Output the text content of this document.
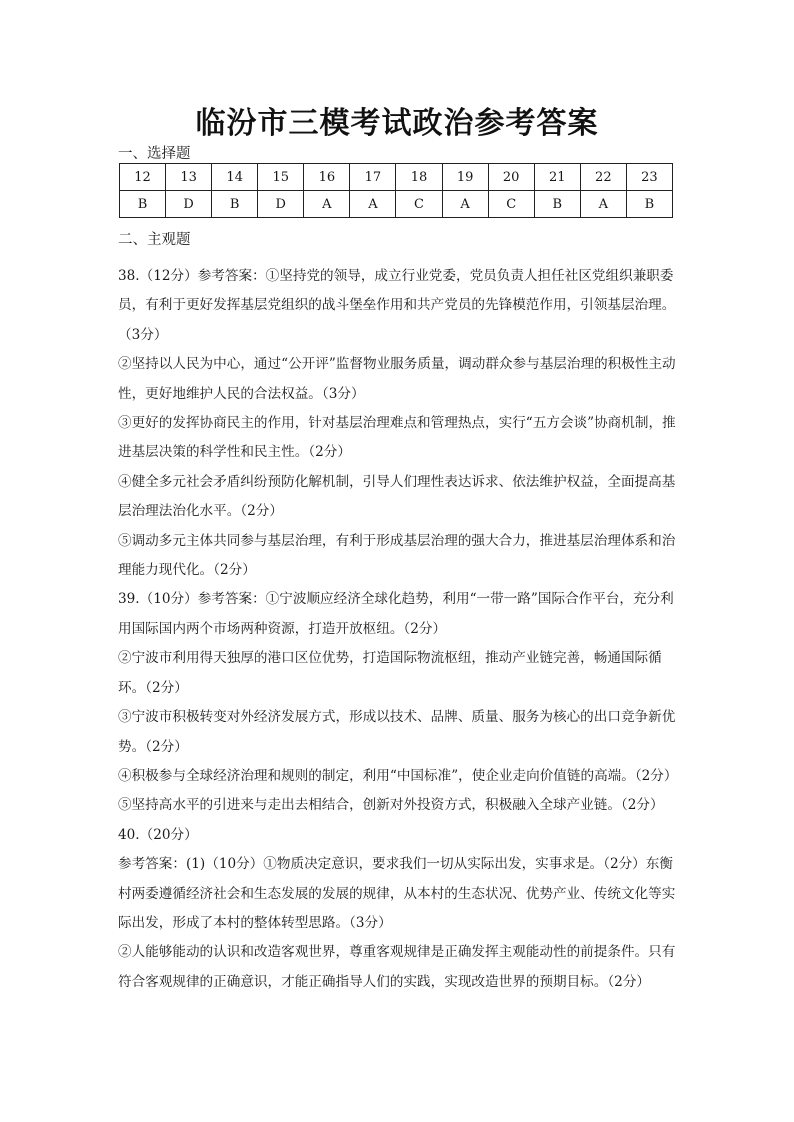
临汾市三模考试政治参考答案
一、选择题
12	13	14	15	16	17	18	19	20	21	22	23
B	D	B	D	A	A	C	A	C	B	A	B
二、主观题

38.（12分）参考答案：①坚持党的领导，成立行业党委，党员负责人担任社区党组织兼职委员，有利于更好发挥基层党组织的战斗堡垒作用和共产党员的先锋模范作用，引领基层治理。（3分）

②坚持以人民为中心，通过“公开评”监督物业服务质量，调动群众参与基层治理的积极性主动性，更好地维护人民的合法权益。（3分）

③更好的发挥协商民主的作用，针对基层治理难点和管理热点，实行“五方会谈”协商机制，推进基层决策的科学性和民主性。（2分）

④健全多元社会矛盾纠纷预防化解机制，引导人们理性表达诉求、依法维护权益，全面提高基层治理法治化水平。（2分）

⑤调动多元主体共同参与基层治理，有利于形成基层治理的强大合力，推进基层治理体系和治理能力现代化。（2分）

39.（10分）参考答案：①宁波顺应经济全球化趋势，利用“一带一路”国际合作平台，充分利用国际国内两个市场两种资源，打造开放枢纽。（2分）

②宁波市利用得天独厚的港口区位优势，打造国际物流枢纽，推动产业链完善，畅通国际循环。（2分）

③宁波市积极转变对外经济发展方式，形成以技术、品牌、质量、服务为核心的出口竞争新优势。（2分）

④积极参与全球经济治理和规则的制定，利用“中国标准”，使企业走向价值链的高端。（2分）

⑤坚持高水平的引进来与走出去相结合，创新对外投资方式，积极融入全球产业链。（2分）

40.（20分）

参考答案：(1)（10分）①物质决定意识，要求我们一切从实际出发，实事求是。（2分）东衡村两委遵循经济社会和生态发展的发展的规律，从本村的生态状况、优势产业、传统文化等实际出发，形成了本村的整体转型思路。（3分）

②人能够能动的认识和改造客观世界，尊重客观规律是正确发挥主观能动性的前提条件。只有符合客观规律的正确意识，才能正确指导人们的实践，实现改造世界的预期目标。（2分）
